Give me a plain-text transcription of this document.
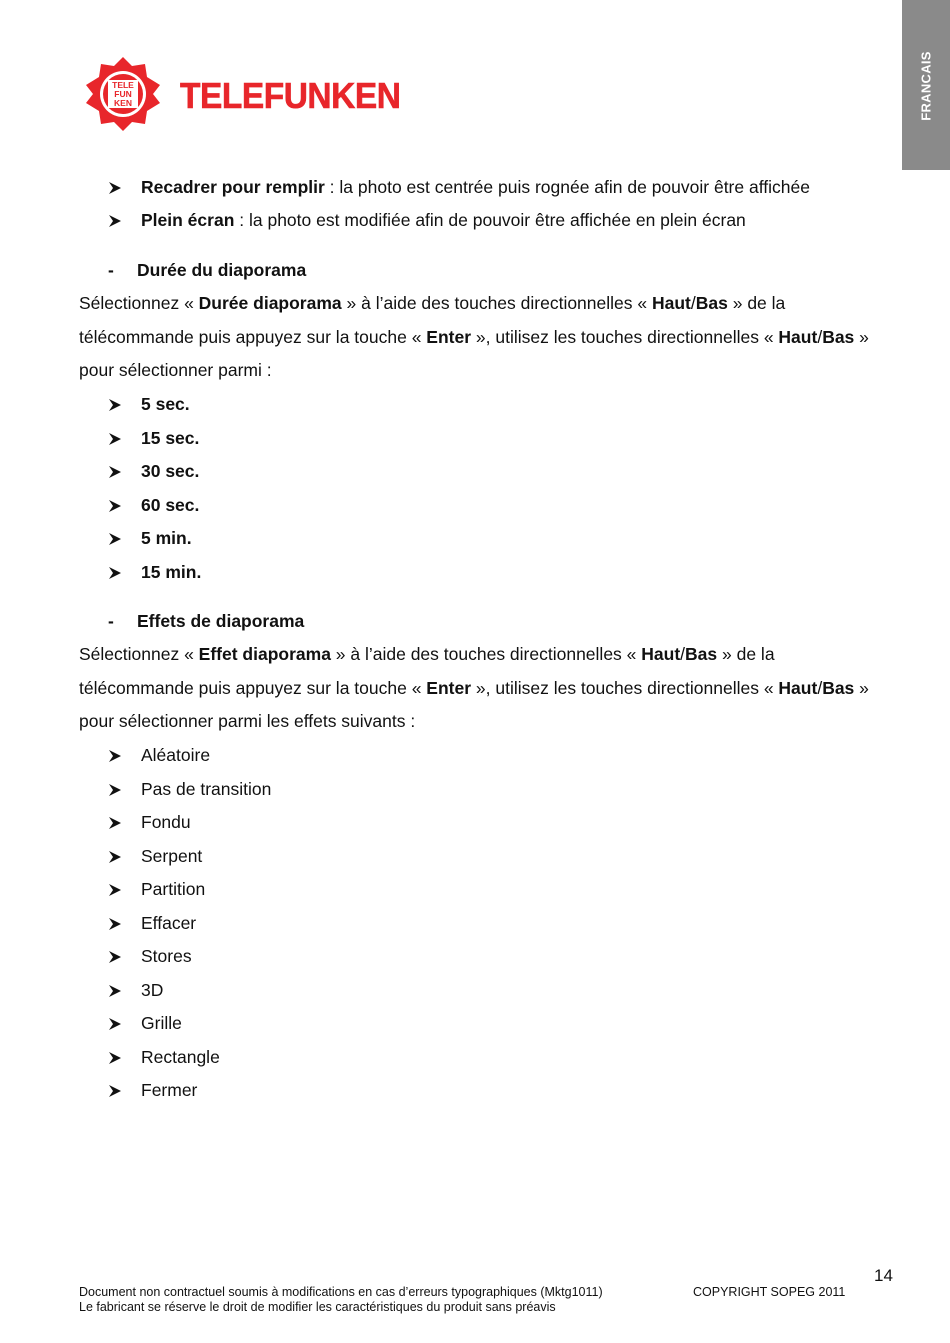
FRANCAIS
TELE
FUN
KEN TELEFUNKEN
Recadrer pour remplir : la photo est centrée puis rognée afin de pouvoir être affichée
Plein écran : la photo est modifiée afin de pouvoir être affichée en plein écran
- Durée du diaporama
Sélectionnez « Durée diaporama » à l’aide des touches directionnelles « Haut/Bas » de la
télécommande puis appuyez sur la touche « Enter », utilisez les touches directionnelles « Haut/Bas »
pour sélectionner parmi :
5 sec.
15 sec.
30 sec.
60 sec.
5 min.
15 min.
- Effets de diaporama
Sélectionnez « Effet diaporama » à l’aide des touches directionnelles « Haut/Bas » de la
télécommande puis appuyez sur la touche « Enter », utilisez les touches directionnelles « Haut/Bas »
pour sélectionner parmi les effets suivants :
Aléatoire
Pas de transition
Fondu
Serpent
Partition
Effacer
Stores
3D
Grille
Rectangle
Fermer
14
Document non contractuel soumis à modifications en cas d’erreurs typographiques (Mktg1011)
Le fabricant se réserve le droit de modifier les caractéristiques du produit sans préavis
COPYRIGHT SOPEG 2011
